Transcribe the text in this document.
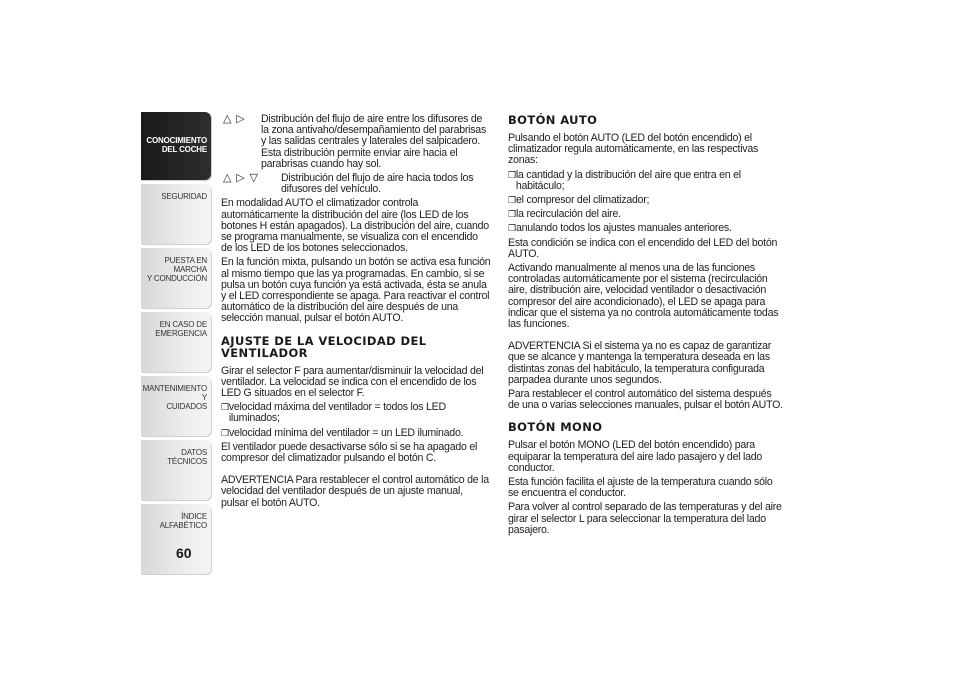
CONOCIMIENTO
DEL COCHE
SEGURIDAD
PUESTA EN MARCHA
Y CONDUCCIÓN
EN CASO DE
EMERGENCIA
MANTENIMIENTO Y
CUIDADOS
DATOS TÉCNICOS
ÍNDICE ALFABÉTICO
60
△ ▷ Distribución del flujo de aire entre los difusores de la zona antivaho/desempañamiento del parabrisas y las salidas centrales y laterales del salpicadero. Esta distribución permite enviar aire hacia el parabrisas cuando hay sol.
△ ▷ ▽ Distribución del flujo de aire hacia todos los difusores del vehículo.

En modalidad AUTO el climatizador controla automáticamente la distribución del aire (los LED de los botones H están apagados). La distribución del aire, cuando se programa manualmente, se visualiza con el encendido de los LED de los botones seleccionados.

En la función mixta, pulsando un botón se activa esa función al mismo tiempo que las ya programadas. En cambio, si se pulsa un botón cuya función ya está activada, ésta se anula y el LED correspondiente se apaga. Para reactivar el control automático de la distribución del aire después de una selección manual, pulsar el botón AUTO.

AJUSTE DE LA VELOCIDAD DEL VENTILADOR

Girar el selector F para aumentar/disminuir la velocidad del ventilador. La velocidad se indica con el encendido de los LED G situados en el selector F.

❒ velocidad máxima del ventilador = todos los LED iluminados;

❒ velocidad mínima del ventilador = un LED iluminado.

El ventilador puede desactivarse sólo si se ha apagado el compresor del climatizador pulsando el botón C.

ADVERTENCIA Para restablecer el control automático de la velocidad del ventilador después de un ajuste manual, pulsar el botón AUTO.

BOTÓN AUTO

Pulsando el botón AUTO (LED del botón encendido) el climatizador regula automáticamente, en las respectivas zonas:

❒ la cantidad y la distribución del aire que entra en el habitáculo;

❒ el compresor del climatizador;

❒ la recirculación del aire.

❒ anulando todos los ajustes manuales anteriores.

Esta condición se indica con el encendido del LED del botón AUTO.

Activando manualmente al menos una de las funciones controladas automáticamente por el sistema (recirculación aire, distribución aire, velocidad ventilador o desactivación compresor del aire acondicionado), el LED se apaga para indicar que el sistema ya no controla automáticamente todas las funciones.

ADVERTENCIA Si el sistema ya no es capaz de garantizar que se alcance y mantenga la temperatura deseada en las distintas zonas del habitáculo, la temperatura configurada parpadea durante unos segundos.

Para restablecer el control automático del sistema después de una o varias selecciones manuales, pulsar el botón AUTO.

BOTÓN MONO

Pulsar el botón MONO (LED del botón encendido) para equiparar la temperatura del aire lado pasajero y del lado conductor.

Esta función facilita el ajuste de la temperatura cuando sólo se encuentra el conductor.

Para volver al control separado de las temperaturas y del aire girar el selector L para seleccionar la temperatura del lado pasajero.
